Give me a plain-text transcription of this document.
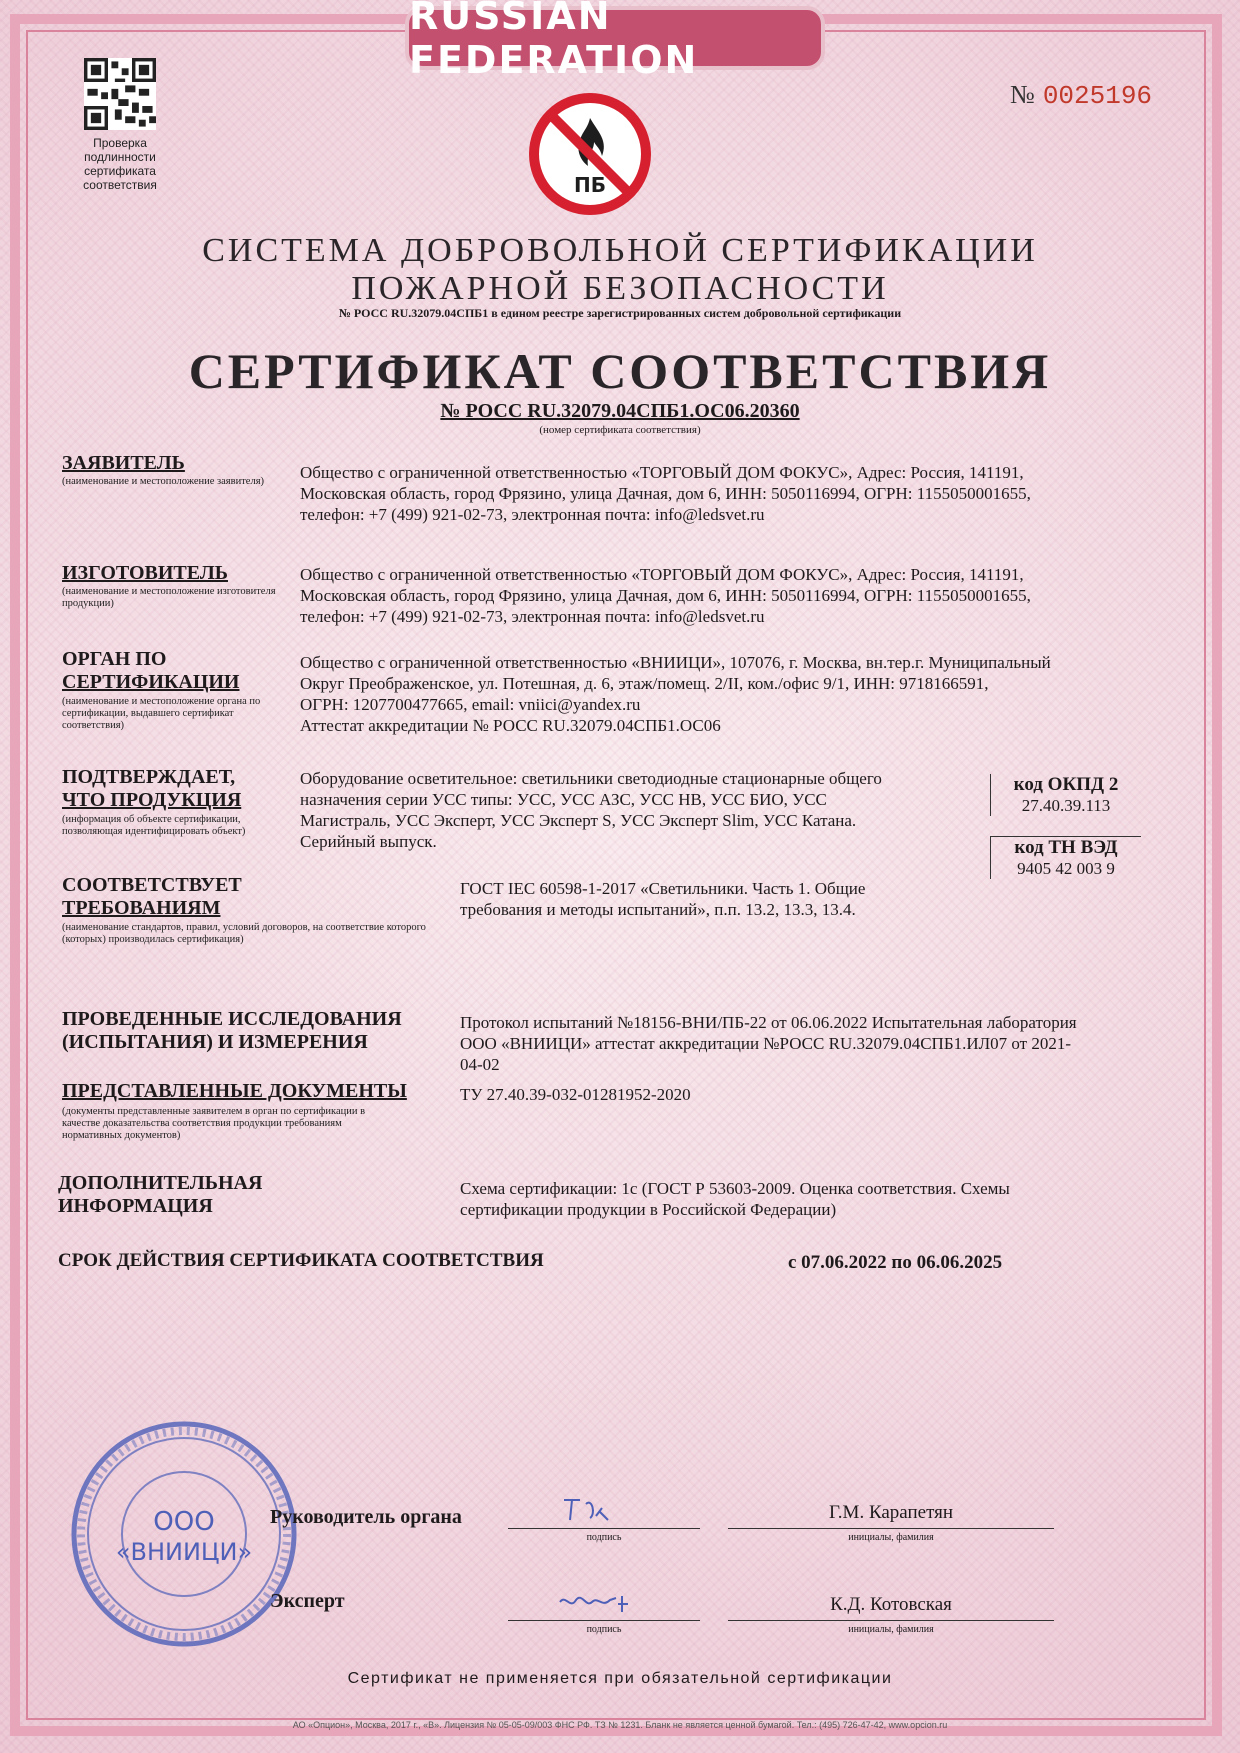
RUSSIAN FEDERATION
Проверка
подлинности
сертификата
соответствия
№ 0025196
ПБ
СИСТЕМА ДОБРОВОЛЬНОЙ СЕРТИФИКАЦИИ
ПОЖАРНОЙ БЕЗОПАСНОСТИ
№ РОСС RU.32079.04СПБ1 в едином реестре зарегистрированных систем добровольной сертификации
СЕРТИФИКАТ СООТВЕТСТВИЯ
№ РОСС RU.32079.04СПБ1.ОС06.20360
(номер сертификата соответствия)
ЗАЯВИТЕЛЬ
(наименование и местоположение заявителя)	Общество с ограниченной ответственностью «ТОРГОВЫЙ ДОМ ФОКУС», Адрес: Россия, 141191,
Московская область, город Фрязино, улица Дачная, дом 6, ИНН: 5050116994, ОГРН: 1155050001655,
телефон: +7 (499) 921-02-73, электронная почта: info@ledsvet.ru
ИЗГОТОВИТЕЛЬ
(наименование и местоположение изготовителя продукции)
Общество с ограниченной ответственностью «ТОРГОВЫЙ ДОМ ФОКУС», Адрес: Россия, 141191,
Московская область, город Фрязино, улица Дачная, дом 6, ИНН: 5050116994, ОГРН: 1155050001655,
телефон: +7 (499) 921-02-73, электронная почта: info@ledsvet.ru
ОРГАН ПО
СЕРТИФИКАЦИИ
(наименование и местоположение органа по сертификации, выдавшего сертификат соответствия)
Общество с ограниченной ответственностью «ВНИИЦИ», 107076, г. Москва, вн.тер.г. Муниципальный
Округ Преображенское, ул. Потешная, д. 6, этаж/помещ. 2/II, ком./офис 9/1, ИНН: 9718166591,
ОГРН: 1207700477665, email: vniici@yandex.ru
Аттестат аккредитации № РОСС RU.32079.04СПБ1.ОС06
ПОДТВЕРЖДАЕТ,
ЧТО ПРОДУКЦИЯ
(информация об объекте сертификации, позволяющая идентифицировать объект)
Оборудование осветительное: светильники светодиодные стационарные общего
назначения серии УСС типы: УСС, УСС АЗС, УСС НВ, УСС БИО, УСС
Магистраль, УСС Эксперт, УСС Эксперт S, УСС Эксперт Slim, УСС Катана.
Серийный выпуск.
код ОКПД 2
27.40.39.113
код ТН ВЭД
9405 42 003 9
СООТВЕТСТВУЕТ
ТРЕБОВАНИЯМ
(наименование стандартов, правил, условий договоров, на соответствие которого (которых) производилась сертификация)
ГОСТ IEC 60598-1-2017 «Светильники. Часть 1. Общие
требования и методы испытаний», п.п. 13.2, 13.3, 13.4.
ПРОВЕДЕННЫЕ ИССЛЕДОВАНИЯ
(ИСПЫТАНИЯ) И ИЗМЕРЕНИЯ
Протокол испытаний №18156-ВНИ/ПБ-22 от 06.06.2022 Испытательная лаборатория
ООО «ВНИИЦИ» аттестат аккредитации №РОСС RU.32079.04СПБ1.ИЛ07 от 2021-
04-02
ПРЕДСТАВЛЕННЫЕ ДОКУМЕНТЫ
(документы представленные заявителем в орган по сертификации в качестве доказательства соответствия продукции требованиям нормативных документов)
ТУ 27.40.39-032-01281952-2020
ДОПОЛНИТЕЛЬНАЯ
ИНФОРМАЦИЯ
Схема сертификации: 1с (ГОСТ Р 53603-2009. Оценка соответствия. Схемы
сертификации продукции в Российской Федерации)
СРОК ДЕЙСТВИЯ СЕРТИФИКАТА СООТВЕТСТВИЯ	с 07.06.2022 по 06.06.2025
ООО
«ВНИИЦИ»
Руководитель органа
подпись
Г.М. Карапетян
инициалы, фамилия
Эксперт
подпись
К.Д. Котовская
инициалы, фамилия
Сертификат не применяется при обязательной сертификации
АО «Опцион», Москва, 2017 г., «В». Лицензия № 05-05-09/003 ФНС РФ. ТЗ № 1231. Бланк не является ценной бумагой. Тел.: (495) 726-47-42, www.opcion.ru
